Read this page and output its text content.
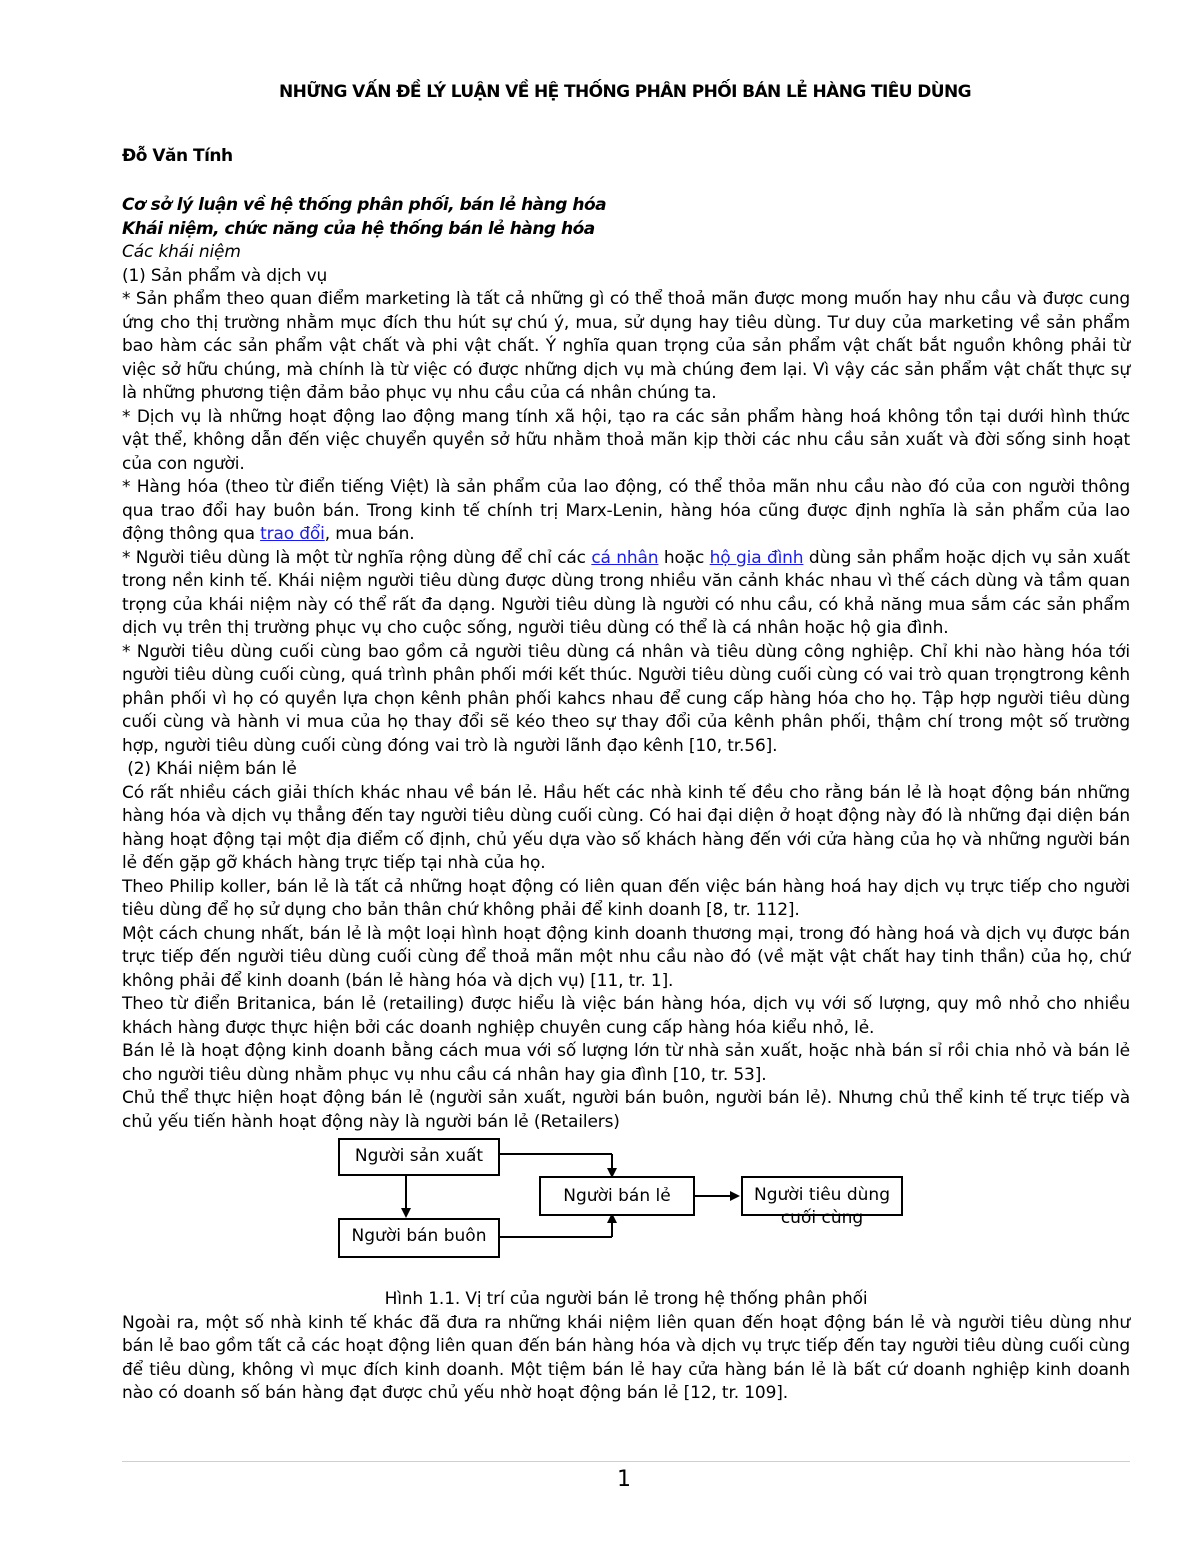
NHỮNG VẤN ĐỀ LÝ LUẬN VỀ HỆ THỐNG PHÂN PHỐI BÁN LẺ HÀNG TIÊU DÙNG
Đỗ Văn Tính

Cơ sở lý luận về hệ thống phân phối, bán lẻ hàng hóa

Khái niệm, chức năng của hệ thống bán lẻ hàng hóa

Các khái niệm

(1) Sản phẩm và dịch vụ

* Sản phẩm theo quan điểm marketing là tất cả những gì có thể thoả mãn được mong muốn hay nhu cầu và được cung ứng cho thị trường nhằm mục đích thu hút sự chú ý, mua, sử dụng hay tiêu dùng. Tư duy của marketing về sản phẩm bao hàm các sản phẩm vật chất và phi vật chất. Ý nghĩa quan trọng của sản phẩm vật chất bắt nguồn không phải từ việc sở hữu chúng, mà chính là từ việc có được những dịch vụ mà chúng đem lại. Vì vậy các sản phẩm vật chất thực sự là những phương tiện đảm bảo phục vụ nhu cầu của cá nhân chúng ta.

* Dịch vụ là những hoạt động lao động mang tính xã hội, tạo ra các sản phẩm hàng hoá không tồn tại dưới hình thức vật thể, không dẫn đến việc chuyển quyền sở hữu nhằm thoả mãn kịp thời các nhu cầu sản xuất và đời sống sinh hoạt của con người.

* Hàng hóa (theo từ điển tiếng Việt) là sản phẩm của lao động, có thể thỏa mãn nhu cầu nào đó của con người thông qua trao đổi hay buôn bán. Trong kinh tế chính trị Marx-Lenin, hàng hóa cũng được định nghĩa là sản phẩm của lao động thông qua trao đổi, mua bán.

* Người tiêu dùng là một từ nghĩa rộng dùng để chỉ các cá nhân hoặc hộ gia đình dùng sản phẩm hoặc dịch vụ sản xuất trong nền kinh tế. Khái niệm người tiêu dùng được dùng trong nhiều văn cảnh khác nhau vì thế cách dùng và tầm quan trọng của khái niệm này có thể rất đa dạng. Người tiêu dùng là người có nhu cầu, có khả năng mua sắm các sản phẩm dịch vụ trên thị trường phục vụ cho cuộc sống, người tiêu dùng có thể là cá nhân hoặc hộ gia đình.

* Người tiêu dùng cuối cùng bao gồm cả người tiêu dùng cá nhân và tiêu dùng công nghiệp. Chỉ khi nào hàng hóa tới người tiêu dùng cuối cùng, quá trình phân phối mới kết thúc. Người tiêu dùng cuối cùng có vai trò quan trọngtrong kênh phân phối vì họ có quyền lựa chọn kênh phân phối kahcs nhau để cung cấp hàng hóa cho họ. Tập hợp người tiêu dùng cuối cùng và hành vi mua của họ thay đổi sẽ kéo theo sự thay đổi của kênh phân phối, thậm chí trong một số trường hợp, người tiêu dùng cuối cùng đóng vai trò là người lãnh đạo kênh [10, tr.56].

(2) Khái niệm bán lẻ

Có rất nhiều cách giải thích khác nhau về bán lẻ. Hầu hết các nhà kinh tế đều cho rằng bán lẻ là hoạt động bán những hàng hóa và dịch vụ thẳng đến tay người tiêu dùng cuối cùng. Có hai đại diện ở hoạt động này đó là những đại diện bán hàng hoạt động tại một địa điểm cố định, chủ yếu dựa vào số khách hàng đến với cửa hàng của họ và những người bán lẻ đến gặp gỡ khách hàng trực tiếp tại nhà của họ.

Theo Philip koller, bán lẻ là tất cả những hoạt động có liên quan đến việc bán hàng hoá hay dịch vụ trực tiếp cho người tiêu dùng để họ sử dụng cho bản thân chứ không phải để kinh doanh [8, tr. 112].

Một cách chung nhất, bán lẻ là một loại hình hoạt động kinh doanh thương mại, trong đó hàng hoá và dịch vụ được bán trực tiếp đến người tiêu dùng cuối cùng để thoả mãn một nhu cầu nào đó (về mặt vật chất hay tinh thần) của họ, chứ không phải để kinh doanh (bán lẻ hàng hóa và dịch vụ) [11, tr. 1].

Theo từ điển Britanica, bán lẻ (retailing) được hiểu là việc bán hàng hóa, dịch vụ với số lượng, quy mô nhỏ cho nhiều khách hàng được thực hiện bởi các doanh nghiệp chuyên cung cấp hàng hóa kiểu nhỏ, lẻ.

Bán lẻ là hoạt động kinh doanh bằng cách mua với số lượng lớn từ nhà sản xuất, hoặc nhà bán sỉ rồi chia nhỏ và bán lẻ cho người tiêu dùng nhằm phục vụ nhu cầu cá nhân hay gia đình [10, tr. 53].

Chủ thể thực hiện hoạt động bán lẻ (người sản xuất, người bán buôn, người bán lẻ). Nhưng chủ thể kinh tế trực tiếp và chủ yếu tiến hành hoạt động này là người bán lẻ (Retailers)

Người sản xuất
Người bán buôn
Người bán lẻ	Người tiêu dùng cuối cùng

Hình 1.1. Vị trí của người bán lẻ trong hệ thống phân phối

Ngoài ra, một số nhà kinh tế khác đã đưa ra những khái niệm liên quan đến hoạt động bán lẻ và người tiêu dùng như bán lẻ bao gồm tất cả các hoạt động liên quan đến bán hàng hóa và dịch vụ trực tiếp đến tay người tiêu dùng cuối cùng để tiêu dùng, không vì mục đích kinh doanh. Một tiệm bán lẻ hay cửa hàng bán lẻ là bất cứ doanh nghiệp kinh doanh nào có doanh số bán hàng đạt được chủ yếu nhờ hoạt động bán lẻ [12, tr. 109].

1
